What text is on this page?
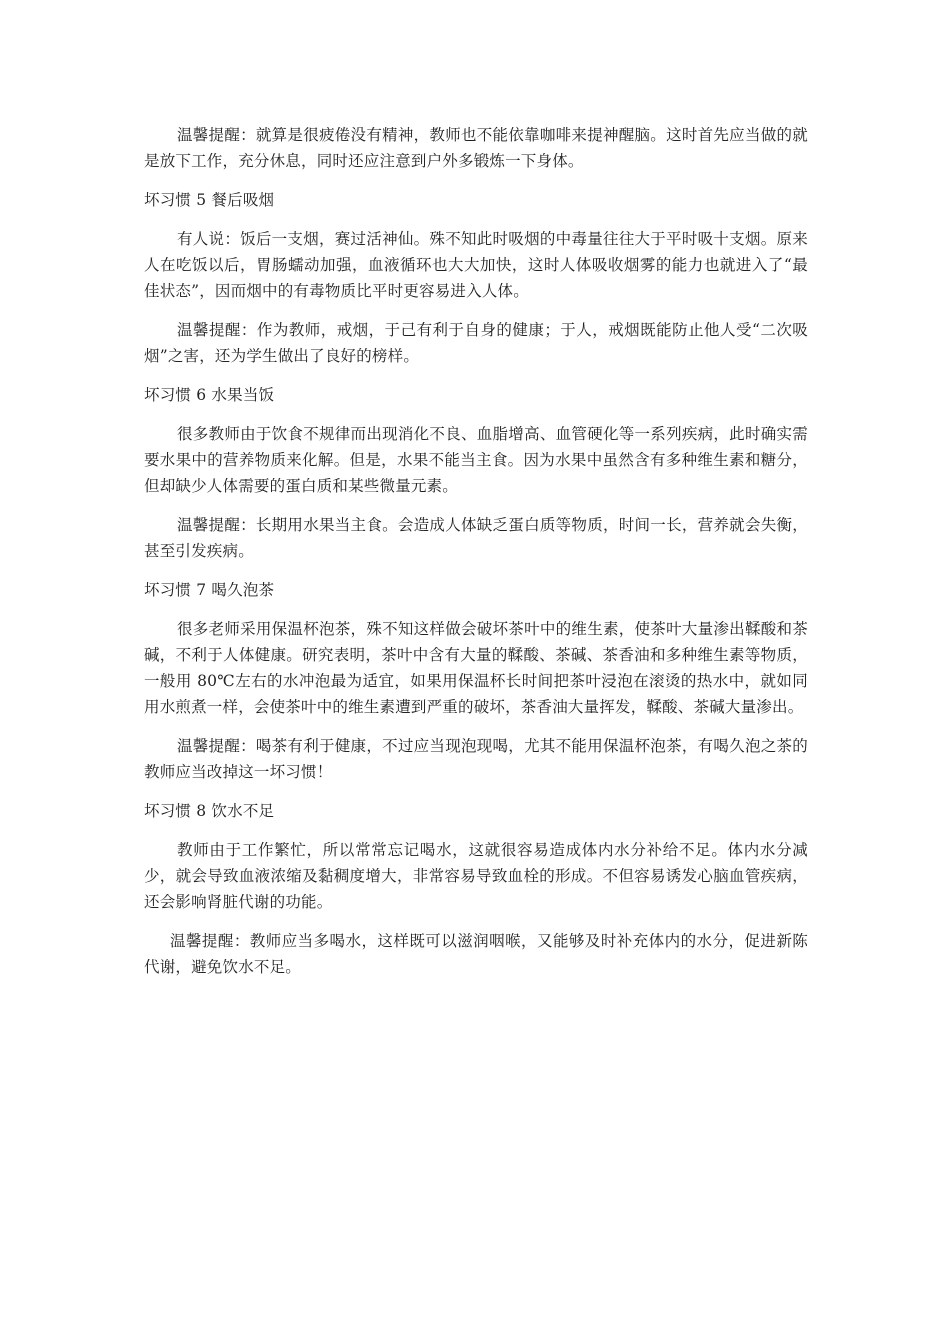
温馨提醒：就算是很疲倦没有精神，教师也不能依靠咖啡来提神醒脑。这时首先应当做的就是放下工作，充分休息，同时还应注意到户外多锻炼一下身体。

坏习惯 5 餐后吸烟

有人说：饭后一支烟，赛过活神仙。殊不知此时吸烟的中毒量往往大于平时吸十支烟。原来人在吃饭以后，胃肠蠕动加强，血液循环也大大加快，这时人体吸收烟雾的能力也就进入了“最佳状态”，因而烟中的有毒物质比平时更容易进入人体。

温馨提醒：作为教师，戒烟，于己有利于自身的健康；于人，戒烟既能防止他人受“二次吸烟”之害，还为学生做出了良好的榜样。

坏习惯 6 水果当饭

很多教师由于饮食不规律而出现消化不良、血脂增高、血管硬化等一系列疾病，此时确实需要水果中的营养物质来化解。但是，水果不能当主食。因为水果中虽然含有多种维生素和糖分，但却缺少人体需要的蛋白质和某些微量元素。

温馨提醒：长期用水果当主食。会造成人体缺乏蛋白质等物质，时间一长，营养就会失衡，甚至引发疾病。

坏习惯 7 喝久泡茶

很多老师采用保温杯泡茶，殊不知这样做会破坏茶叶中的维生素，使茶叶大量渗出鞣酸和茶碱，不利于人体健康。研究表明，茶叶中含有大量的鞣酸、茶碱、茶香油和多种维生素等物质，一般用 80℃左右的水冲泡最为适宜，如果用保温杯长时间把茶叶浸泡在滚烫的热水中，就如同用水煎煮一样，会使茶叶中的维生素遭到严重的破坏，茶香油大量挥发，鞣酸、茶碱大量渗出。

温馨提醒：喝茶有利于健康，不过应当现泡现喝，尤其不能用保温杯泡茶，有喝久泡之茶的教师应当改掉这一坏习惯！

坏习惯 8 饮水不足

教师由于工作繁忙，所以常常忘记喝水，这就很容易造成体内水分补给不足。体内水分减少，就会导致血液浓缩及黏稠度增大，非常容易导致血栓的形成。不但容易诱发心脑血管疾病，还会影响肾脏代谢的功能。

温馨提醒：教师应当多喝水，这样既可以滋润咽喉，又能够及时补充体内的水分，促进新陈代谢，避免饮水不足。
